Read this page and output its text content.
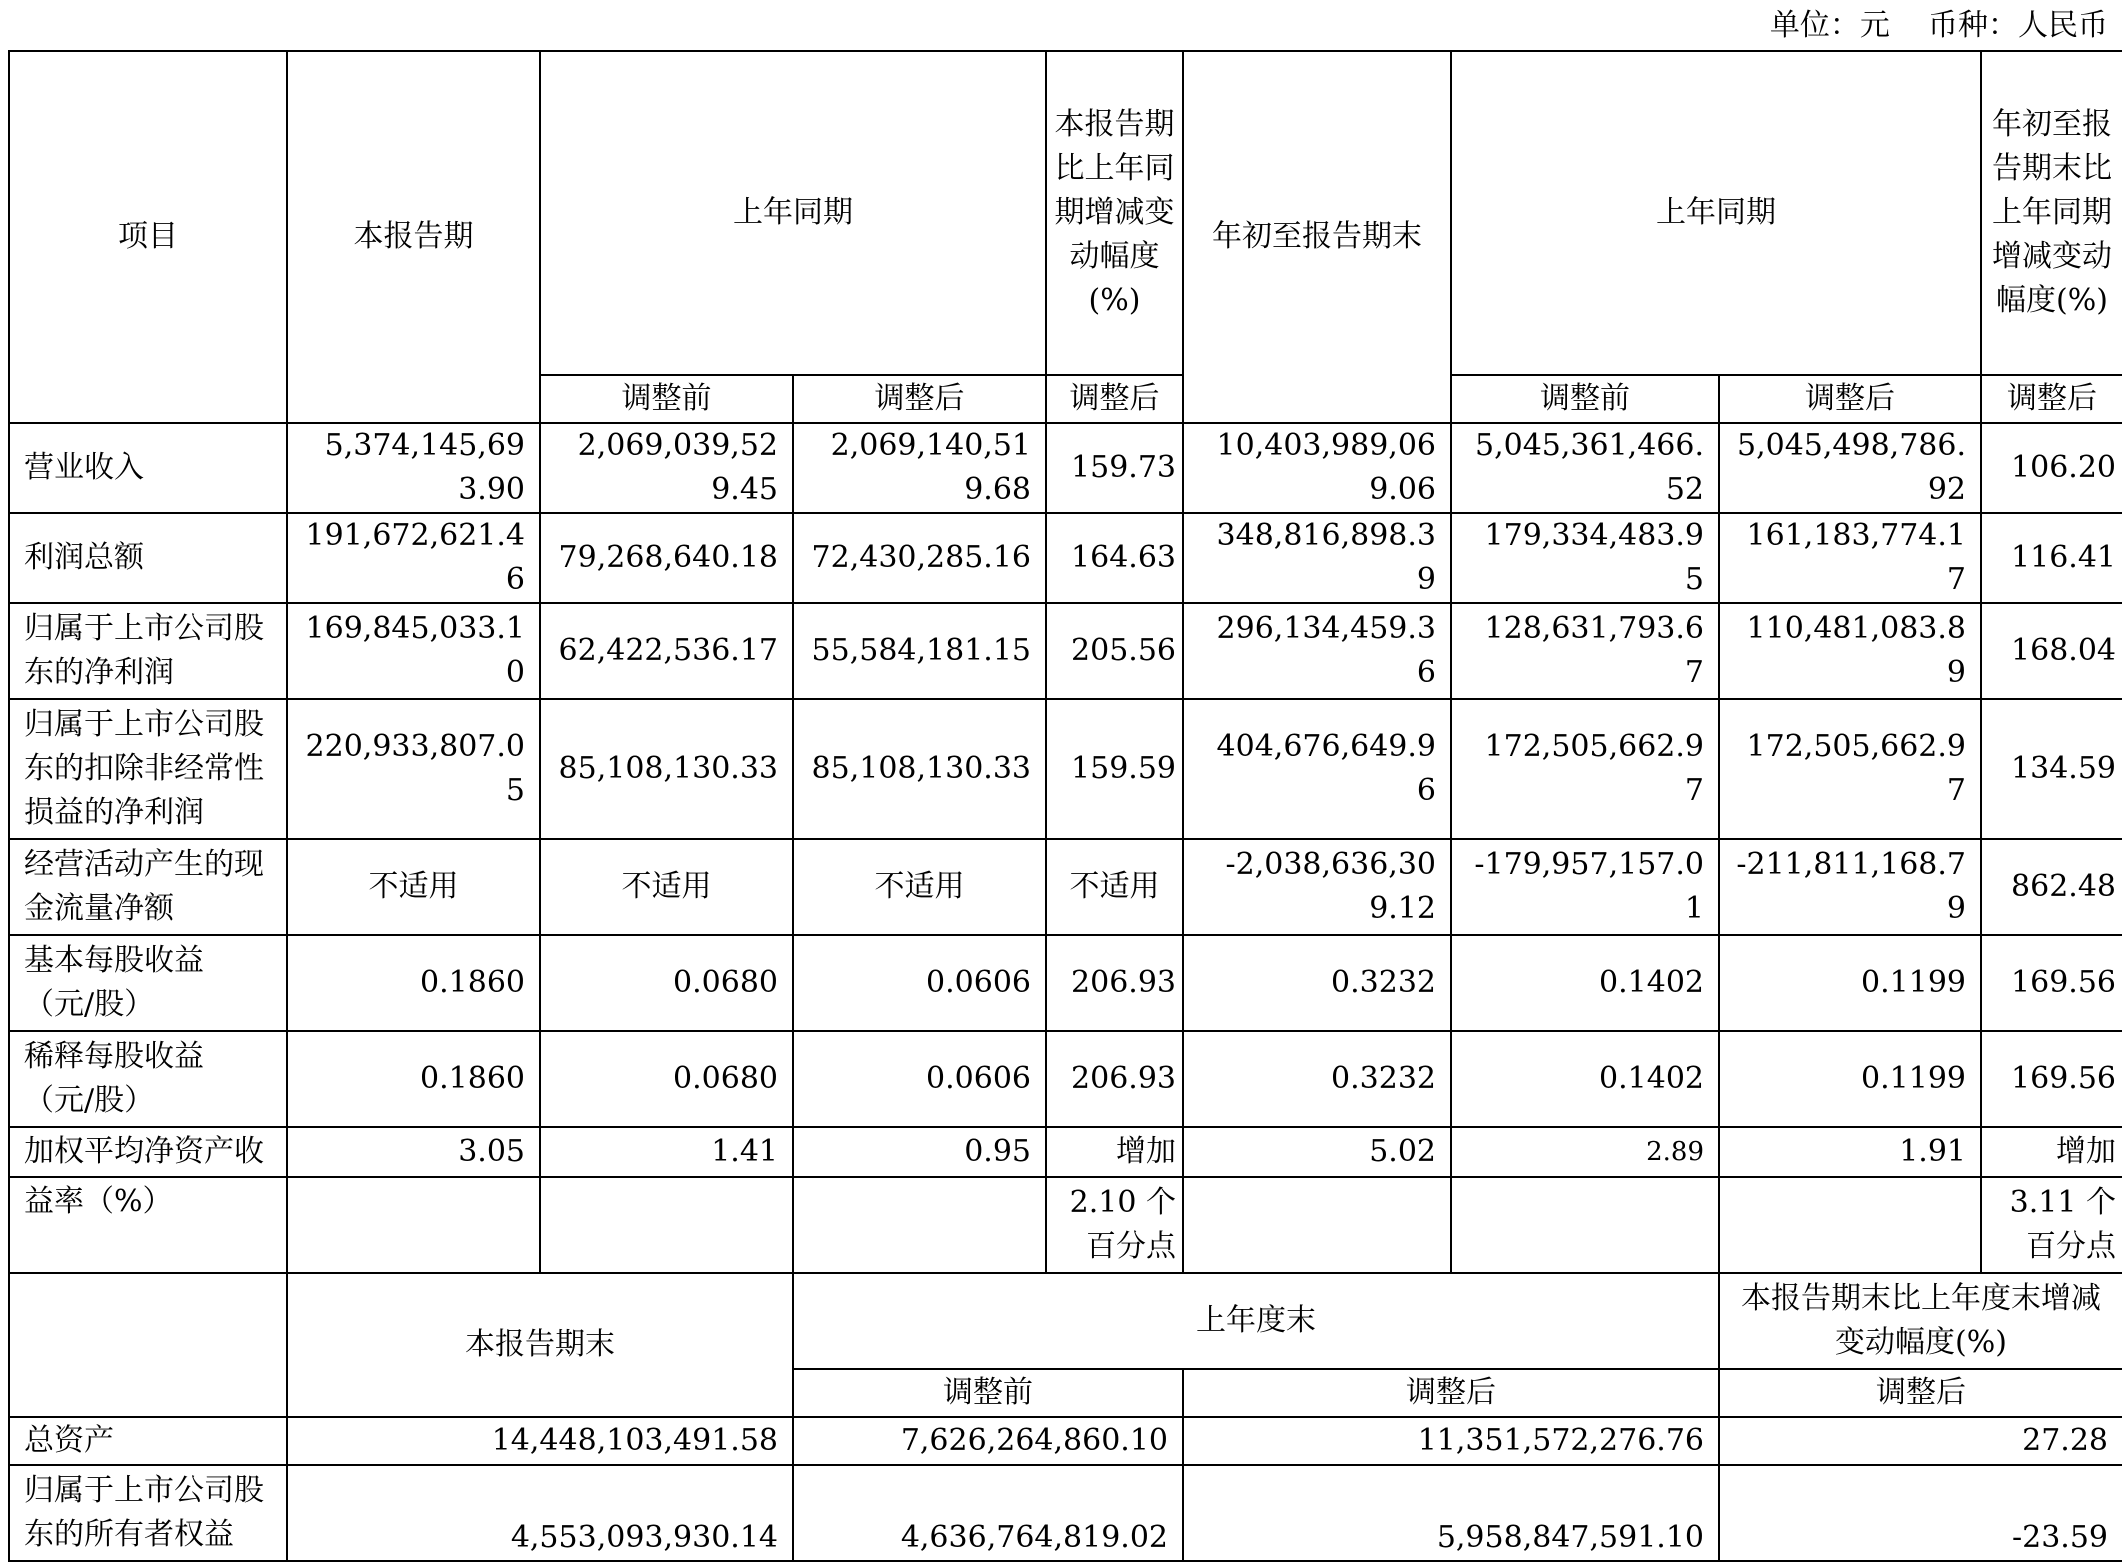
单位：元    币种：人民币
项目	本报告期	上年同期		本报告期比上年同期增减变动幅度(%)	年初至报告期末	上年同期		年初至报告期末比上年同期增减变动幅度(%)
		调整前	调整后	调整后		调整前	调整后	调整后
营业收入	5,374,145,693.90	2,069,039,529.45	2,069,140,519.68	159.73	10,403,989,069.06	5,045,361,466.52	5,045,498,786.92	106.20
利润总额	191,672,621.46	79,268,640.18	72,430,285.16	164.63	348,816,898.39	179,334,483.95	161,183,774.17	116.41
归属于上市公司股东的净利润	169,845,033.10	62,422,536.17	55,584,181.15	205.56	296,134,459.36	128,631,793.67	110,481,083.89	168.04
归属于上市公司股东的扣除非经常性损益的净利润	220,933,807.05	85,108,130.33	85,108,130.33	159.59	404,676,649.96	172,505,662.97	172,505,662.97	134.59
经营活动产生的现金流量净额	不适用	不适用	不适用	不适用	-2,038,636,309.12	-179,957,157.01	-211,811,168.79	862.48
基本每股收益（元/股）	0.1860	0.0680	0.0606	206.93	0.3232	0.1402	0.1199	169.56
稀释每股收益（元/股）	0.1860	0.0680	0.0606	206.93	0.3232	0.1402	0.1199	169.56
加权平均净资产收	3.05	1.41	0.95	增加	5.02	2.89	1.91	增加
益率（%）				2.10 个百分点				3.11 个百分点
	本报告期末		上年度末				本报告期末比上年度末增减变动幅度(%)	
			调整前		调整后		调整后	
总资产	14,448,103,491.58		7,626,264,860.10		11,351,572,276.76		27.28	
归属于上市公司股东的所有者权益	4,553,093,930.14		4,636,764,819.02		5,958,847,591.10		-23.59	
